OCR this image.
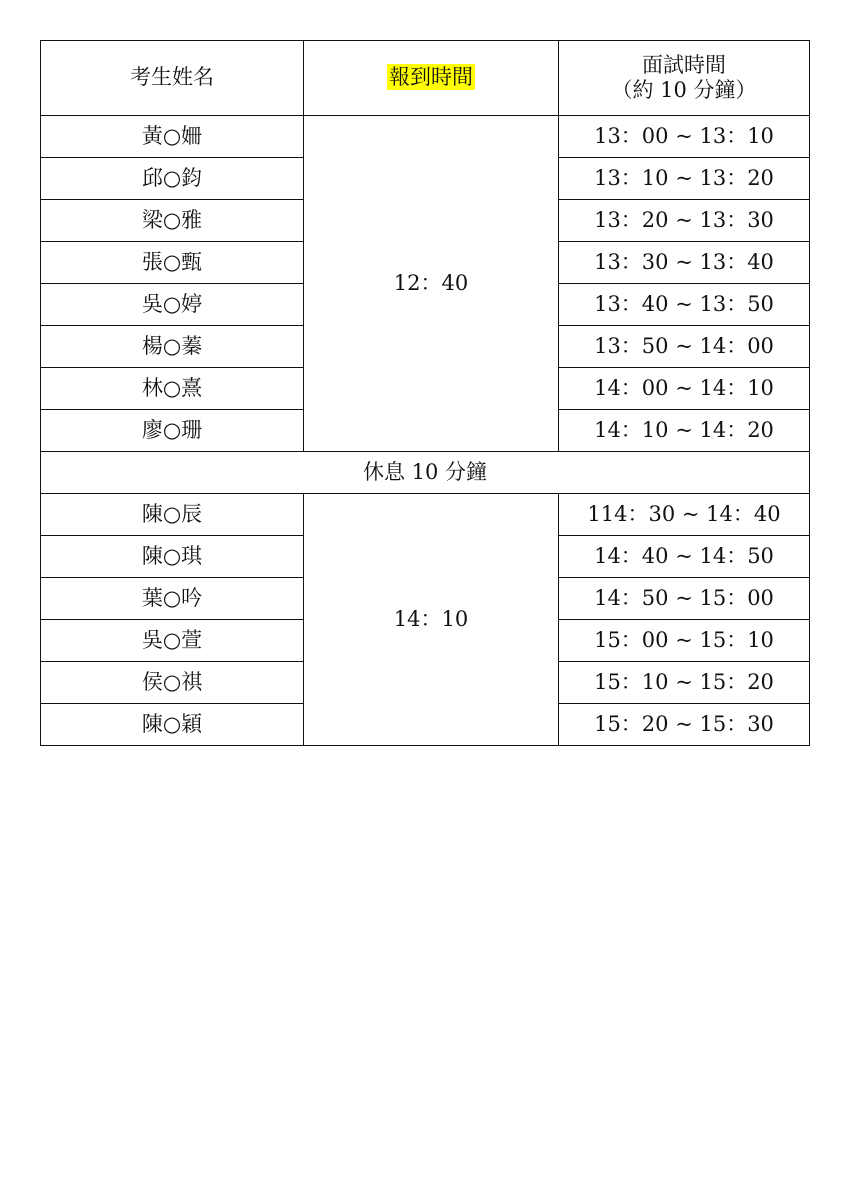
考生姓名	報到時間	面試時間
（約 10 分鐘）

黃○姍	12：40	13：00 ~ 13：10
邱○鈞		13：10 ~ 13：20
梁○雅		13：20 ~ 13：30
張○甄		13：30 ~ 13：40
吳○婷		13：40 ~ 13：50
楊○蓁		13：50 ~ 14：00
林○熹		14：00 ~ 14：10
廖○珊		14：10 ~ 14：20
休息 10 分鐘		
陳○辰	14：10	114：30 ~ 14：40
陳○琪		14：40 ~ 14：50
葉○吟		14：50 ~ 15：00
吳○萱		15：00 ~ 15：10
侯○祺		15：10 ~ 15：20
陳○穎		15：20 ~ 15：30
